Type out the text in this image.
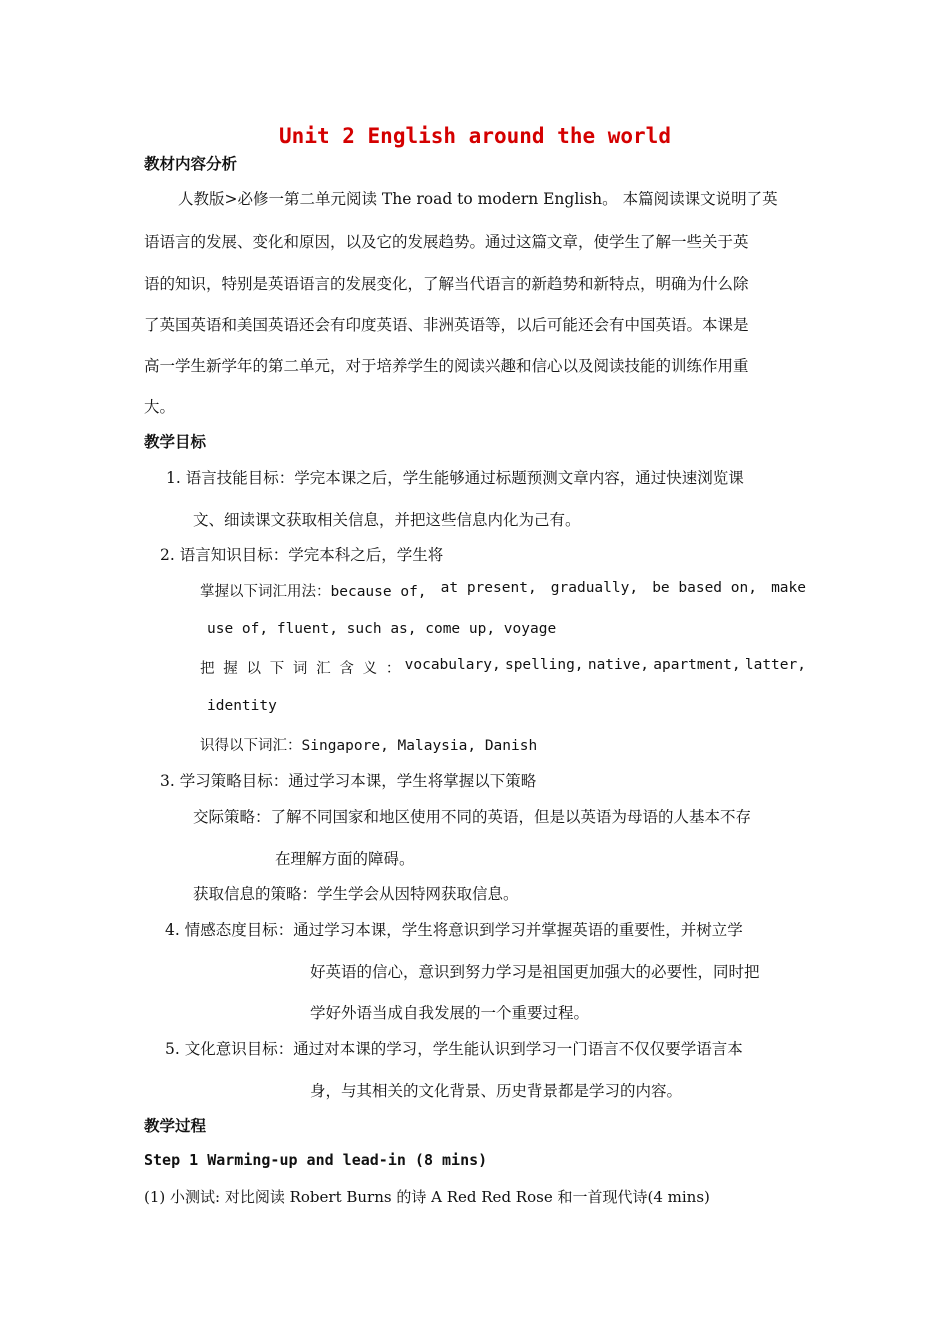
Unit 2 English around the world
教材内容分析
人教版>必修一第二单元阅读 The road to modern English。 本篇阅读课文说明了英
语语言的发展、变化和原因，以及它的发展趋势。通过这篇文章，使学生了解一些关于英
语的知识，特别是英语语言的发展变化，了解当代语言的新趋势和新特点，明确为什么除
了英国英语和美国英语还会有印度英语、非洲英语等，以后可能还会有中国英语。本课是
高一学生新学年的第二单元，对于培养学生的阅读兴趣和信心以及阅读技能的训练作用重
大。
教学目标
1. 语言技能目标：学完本课之后，学生能够通过标题预测文章内容，通过快速浏览课
文、细读课文获取相关信息，并把这些信息内化为己有。
2. 语言知识目标：学完本科之后，学生将
掌握以下词汇用法：because of, at present, gradually, be based on, make
use of, fluent, such as, come up, voyage
把 握 以 下 词 汇 含 义 ： vocabulary, spelling, native, apartment, latter,
identity
识得以下词汇：Singapore, Malaysia, Danish
3. 学习策略目标：通过学习本课，学生将掌握以下策略
交际策略：了解不同国家和地区使用不同的英语，但是以英语为母语的人基本不存
在理解方面的障碍。
获取信息的策略：学生学会从因特网获取信息。
4. 情感态度目标：通过学习本课，学生将意识到学习并掌握英语的重要性，并树立学
好英语的信心，意识到努力学习是祖国更加强大的必要性，同时把
学好外语当成自我发展的一个重要过程。
5. 文化意识目标：通过对本课的学习，学生能认识到学习一门语言不仅仅要学语言本
身，与其相关的文化背景、历史背景都是学习的内容。
教学过程
Step 1 Warming-up and lead-in (8 mins)
(1) 小测试: 对比阅读 Robert Burns 的诗 A Red Red Rose 和一首现代诗(4 mins)
